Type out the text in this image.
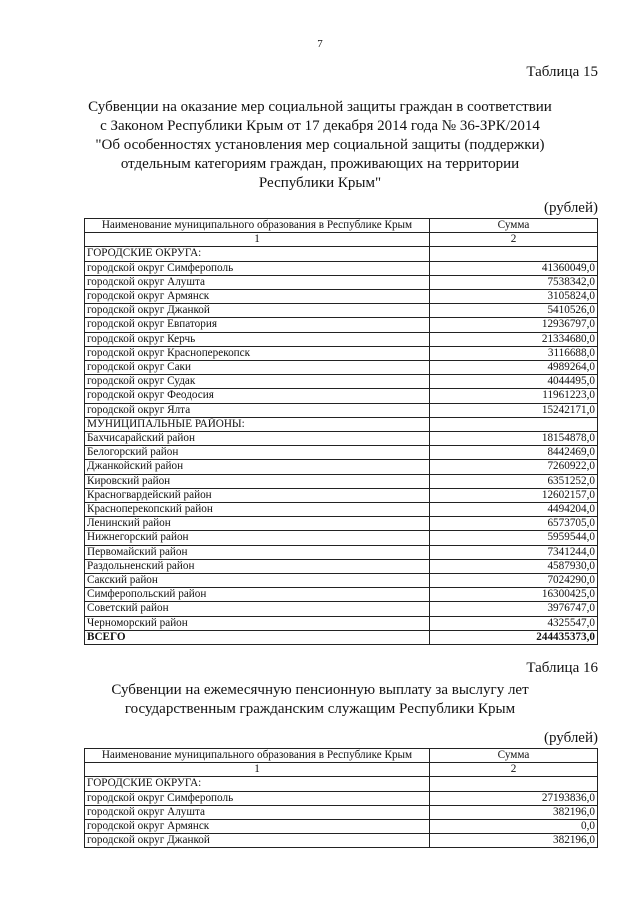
7
Таблица 15
Субвенции на оказание мер социальной защиты граждан в соответствии
с Законом Республики Крым от 17 декабря 2014 года № 36-ЗРК/2014
"Об особенностях установления мер социальной защиты (поддержки)
отдельным категориям граждан, проживающих на территории
Республики Крым"
(рублей)
Наименование муниципального образования в Республике Крым	Сумма
1	2
ГОРОДСКИЕ ОКРУГА:	
городской округ Симферополь	41360049,0
городской округ Алушта	7538342,0
городской округ Армянск	3105824,0
городской округ Джанкой	5410526,0
городской округ Евпатория	12936797,0
городской округ Керчь	21334680,0
городской округ Красноперекопск	3116688,0
городской округ Саки	4989264,0
городской округ Судак	4044495,0
городской округ Феодосия	11961223,0
городской округ Ялта	15242171,0
МУНИЦИПАЛЬНЫЕ РАЙОНЫ:	
Бахчисарайский район	18154878,0
Белогорский район	8442469,0
Джанкойский район	7260922,0
Кировский район	6351252,0
Красногвардейский район	12602157,0
Красноперекопский район	4494204,0
Ленинский район	6573705,0
Нижнегорский район	5959544,0
Первомайский район	7341244,0
Раздольненский район	4587930,0
Сакский район	7024290,0
Симферопольский район	16300425,0
Советский район	3976747,0
Черноморский район	4325547,0
ВСЕГО	244435373,0
Таблица 16
Субвенции на ежемесячную пенсионную выплату за выслугу лет
государственным гражданским служащим Республики Крым
(рублей)
Наименование муниципального образования в Республике Крым	Сумма
1	2
ГОРОДСКИЕ ОКРУГА:	
городской округ Симферополь	27193836,0
городской округ Алушта	382196,0
городской округ Армянск	0,0
городской округ Джанкой	382196,0
